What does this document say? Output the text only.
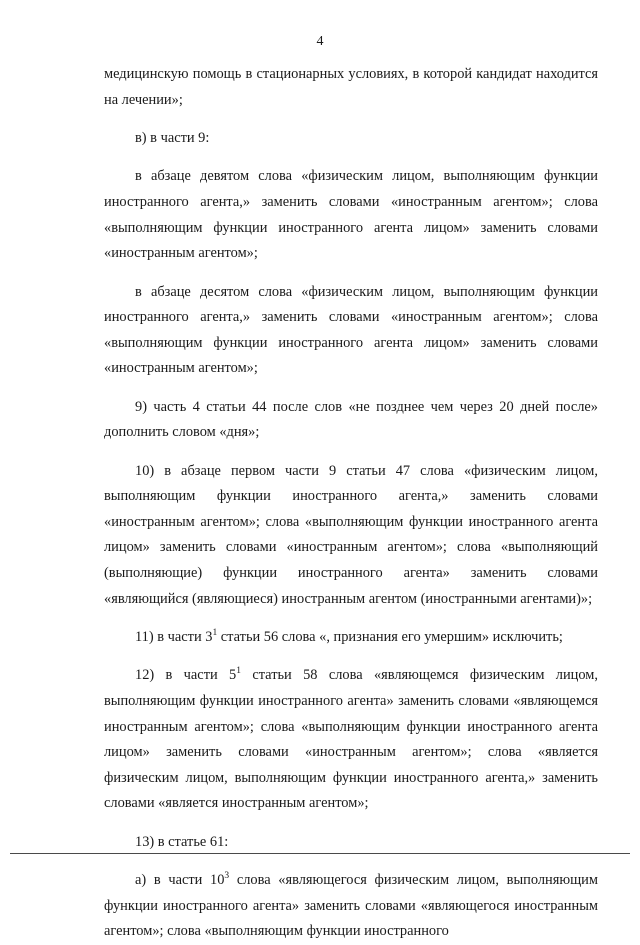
4

медицинскую помощь в стационарных условиях, в которой кандидат находится на лечении»;

в) в части 9:

в абзаце девятом слова «физическим лицом, выполняющим функции иностранного агента,» заменить словами «иностранным агентом»; слова «выполняющим функции иностранного агента лицом» заменить словами «иностранным агентом»;

в абзаце десятом слова «физическим лицом, выполняющим функции иностранного агента,» заменить словами «иностранным агентом»; слова «выполняющим функции иностранного агента лицом» заменить словами «иностранным агентом»;

9) часть 4 статьи 44 после слов «не позднее чем через 20 дней после» дополнить словом «дня»;

10) в абзаце первом части 9 статьи 47 слова «физическим лицом, выполняющим функции иностранного агента,» заменить словами «иностранным агентом»; слова «выполняющим функции иностранного агента лицом» заменить словами «иностранным агентом»; слова «выполняющий (выполняющие) функции иностранного агента» заменить словами «являющийся (являющиеся) иностранным агентом (иностранными агентами)»;

11) в части $3^1$ статьи 56 слова «, признания его умершим» исключить;

12) в части $5^1$ статьи 58 слова «являющемся физическим лицом, выполняющим функции иностранного агента» заменить словами «являющемся иностранным агентом»; слова «выполняющим функции иностранного агента лицом» заменить словами «иностранным агентом»; слова «является физическим лицом, выполняющим функции иностранного агента,» заменить словами «является иностранным агентом»;

13) в статье 61:

а) в части $10^3$ слова «являющегося физическим лицом, выполняющим функции иностранного агента» заменить словами «являющегося иностранным агентом»; слова «выполняющим функции иностранного
